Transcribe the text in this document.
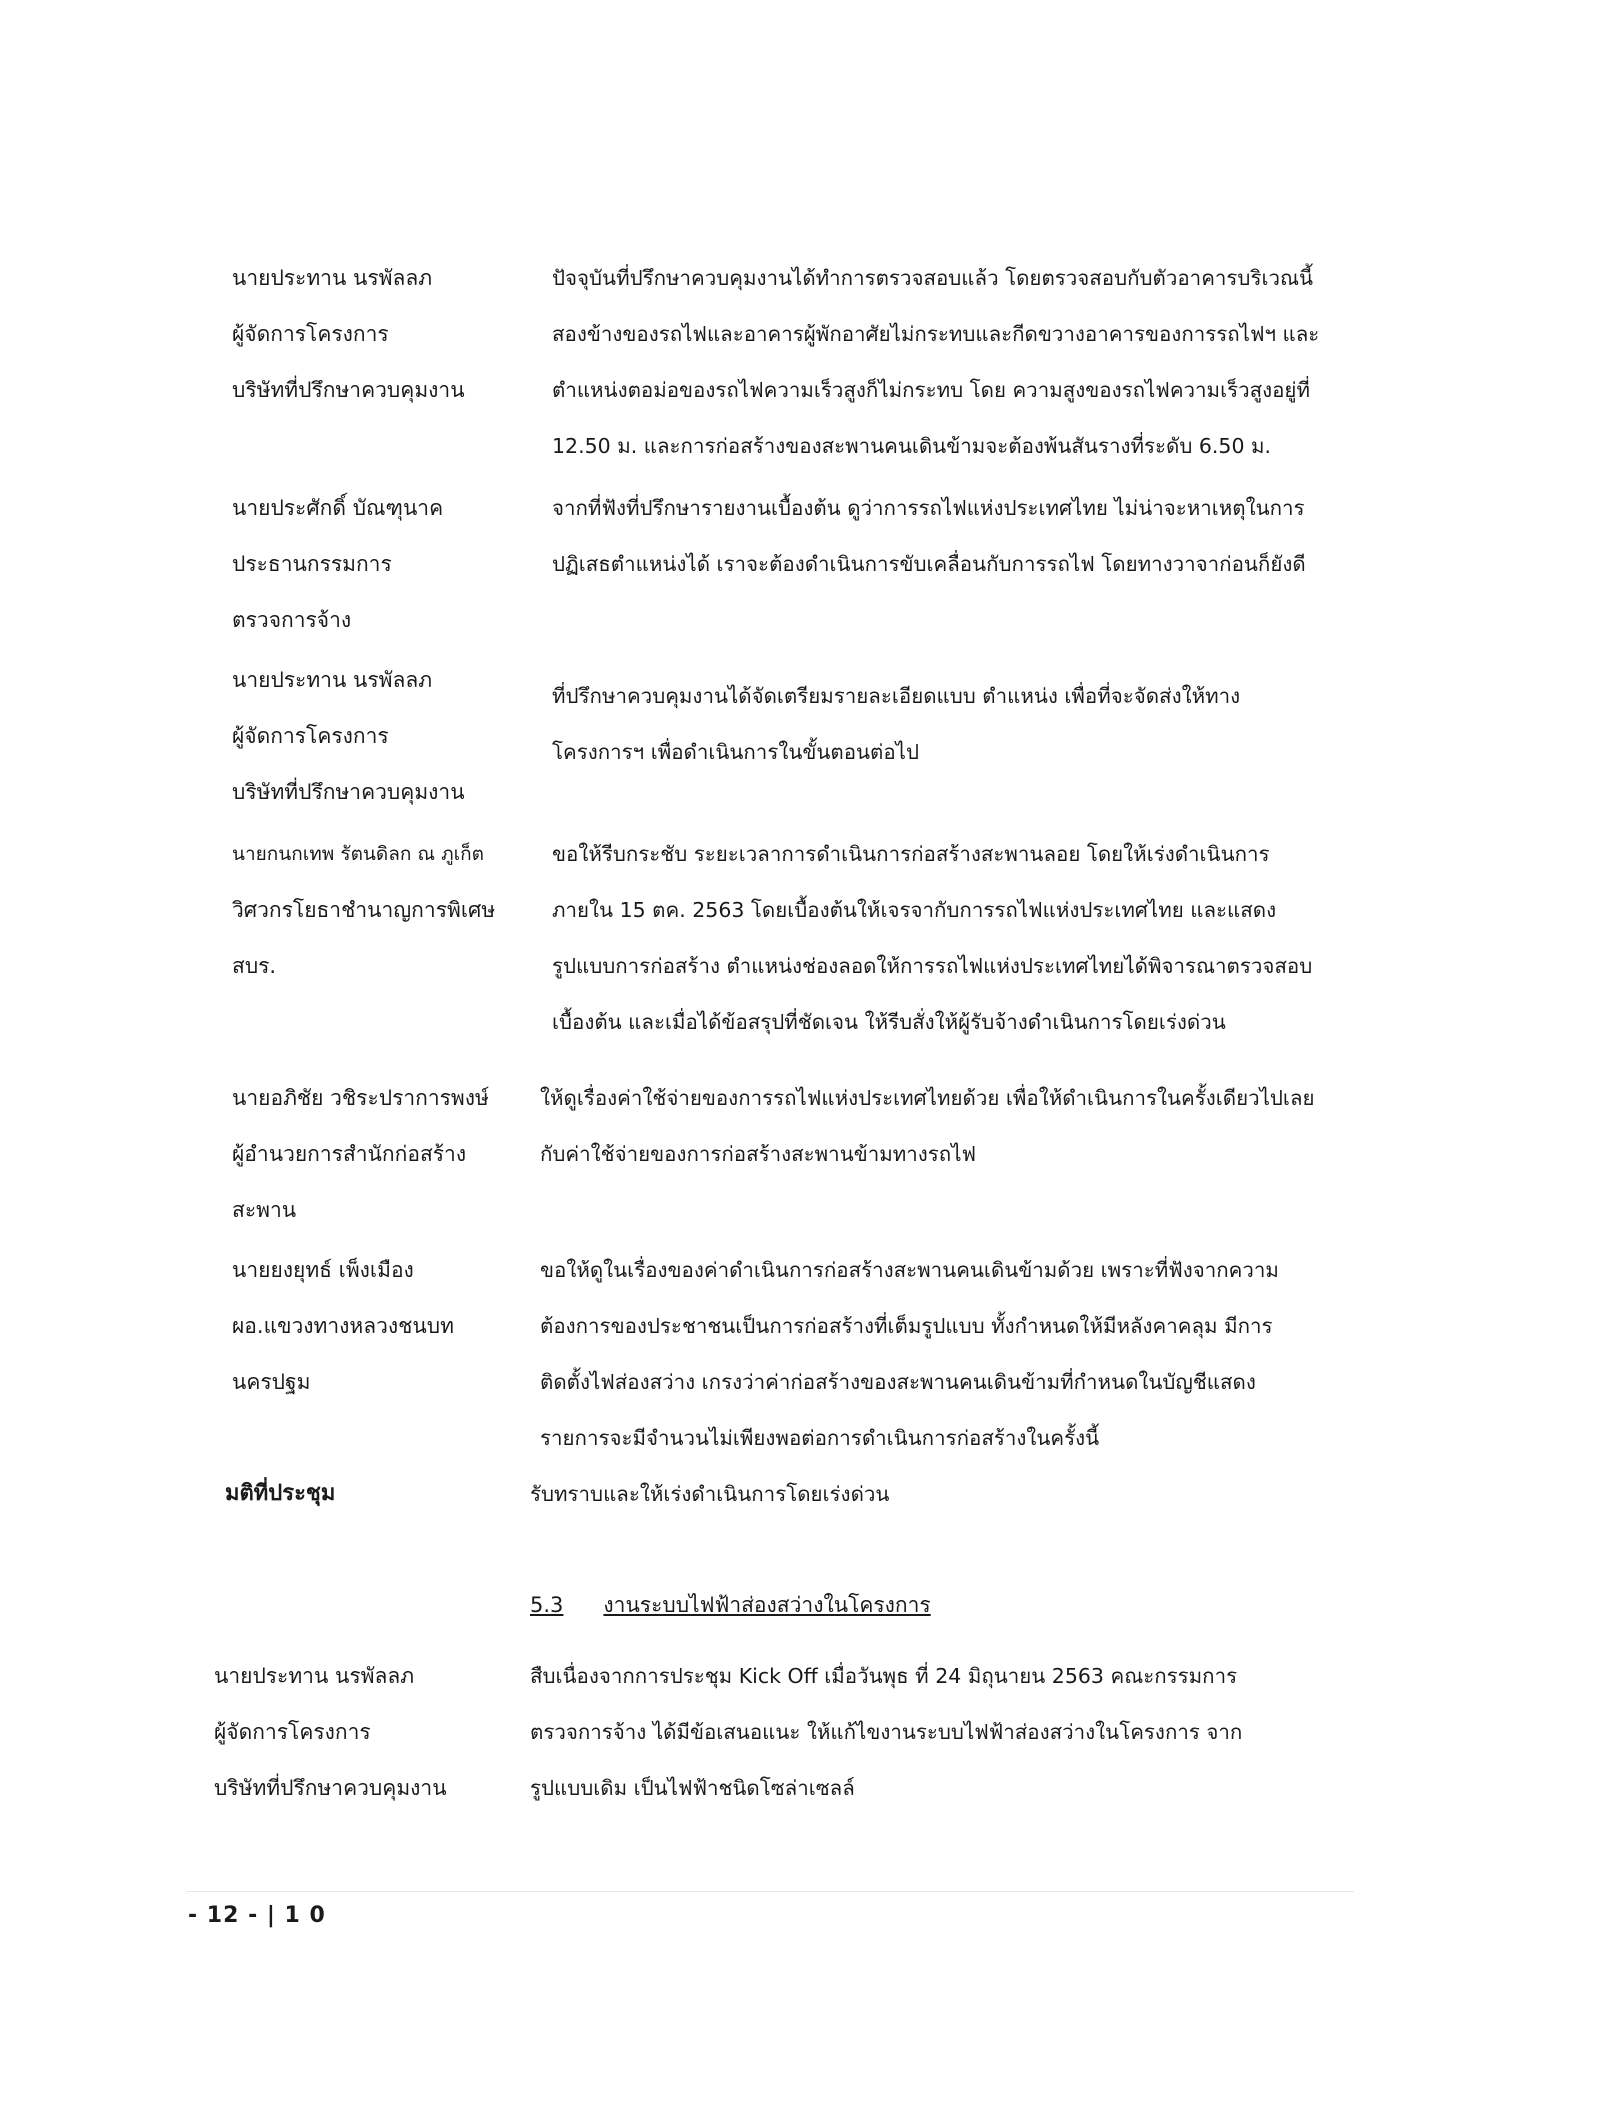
นายประทาน นรพัลลภ
ผู้จัดการโครงการ
บริษัทที่ปรึกษาควบคุมงาน
ปัจจุบันที่ปรึกษาควบคุมงานได้ทำการตรวจสอบแล้ว โดยตรวจสอบกับตัวอาคารบริเวณนี้
สองข้างของรถไฟและอาคารผู้พักอาศัยไม่กระทบและกีดขวางอาคารของการรถไฟฯ และ
ตำแหน่งตอม่อของรถไฟความเร็วสูงก็ไม่กระทบ โดย ความสูงของรถไฟความเร็วสูงอยู่ที่
12.50 ม. และการก่อสร้างของสะพานคนเดินข้ามจะต้องพ้นสันรางที่ระดับ 6.50 ม.
นายประศักดิ์ บัณฑุนาค
ประธานกรรมการ
ตรวจการจ้าง
จากที่ฟังที่ปรึกษารายงานเบื้องต้น ดูว่าการรถไฟแห่งประเทศไทย ไม่น่าจะหาเหตุในการ
ปฏิเสธตำแหน่งได้ เราจะต้องดำเนินการขับเคลื่อนกับการรถไฟ โดยทางวาจาก่อนก็ยังดี
นายประทาน นรพัลลภ
ผู้จัดการโครงการ
บริษัทที่ปรึกษาควบคุมงาน
ที่ปรึกษาควบคุมงานได้จัดเตรียมรายละเอียดแบบ ตำแหน่ง เพื่อที่จะจัดส่งให้ทาง
โครงการฯ เพื่อดำเนินการในขั้นตอนต่อไป
นายกนกเทพ รัตนดิลก ณ ภูเก็ต
วิศวกรโยธาชำนาญการพิเศษ
สบร.
ขอให้รีบกระชับ ระยะเวลาการดำเนินการก่อสร้างสะพานลอย โดยให้เร่งดำเนินการ
ภายใน 15 ตค. 2563 โดยเบื้องต้นให้เจรจากับการรถไฟแห่งประเทศไทย และแสดง
รูปแบบการก่อสร้าง ตำแหน่งช่องลอดให้การรถไฟแห่งประเทศไทยได้พิจารณาตรวจสอบ
เบื้องต้น และเมื่อได้ข้อสรุปที่ชัดเจน ให้รีบสั่งให้ผู้รับจ้างดำเนินการโดยเร่งด่วน
นายอภิชัย วชิระปราการพงษ์
ผู้อำนวยการสำนักก่อสร้าง
สะพาน
ให้ดูเรื่องค่าใช้จ่ายของการรถไฟแห่งประเทศไทยด้วย เพื่อให้ดำเนินการในครั้งเดียวไปเลย
กับค่าใช้จ่ายของการก่อสร้างสะพานข้ามทางรถไฟ
นายยงยุทธ์ เพ็งเมือง
ผอ.แขวงทางหลวงชนบท
นครปฐม
ขอให้ดูในเรื่องของค่าดำเนินการก่อสร้างสะพานคนเดินข้ามด้วย เพราะที่ฟังจากความ
ต้องการของประชาชนเป็นการก่อสร้างที่เต็มรูปแบบ ทั้งกำหนดให้มีหลังคาคลุม มีการ
ติดตั้งไฟส่องสว่าง เกรงว่าค่าก่อสร้างของสะพานคนเดินข้ามที่กำหนดในบัญชีแสดง
รายการจะมีจำนวนไม่เพียงพอต่อการดำเนินการก่อสร้างในครั้งนี้
มติที่ประชุม	รับทราบและให้เร่งดำเนินการโดยเร่งด่วน
5.3 งานระบบไฟฟ้าส่องสว่างในโครงการ
นายประทาน นรพัลลภ
ผู้จัดการโครงการ
บริษัทที่ปรึกษาควบคุมงาน
สืบเนื่องจากการประชุม Kick Off เมื่อวันพุธ ที่ 24 มิถุนายน 2563 คณะกรรมการ
ตรวจการจ้าง ได้มีข้อเสนอแนะ ให้แก้ไขงานระบบไฟฟ้าส่องสว่างในโครงการ จาก
รูปแบบเดิม เป็นไฟฟ้าชนิดโซล่าเซลล์
- 12 - | 1 0
